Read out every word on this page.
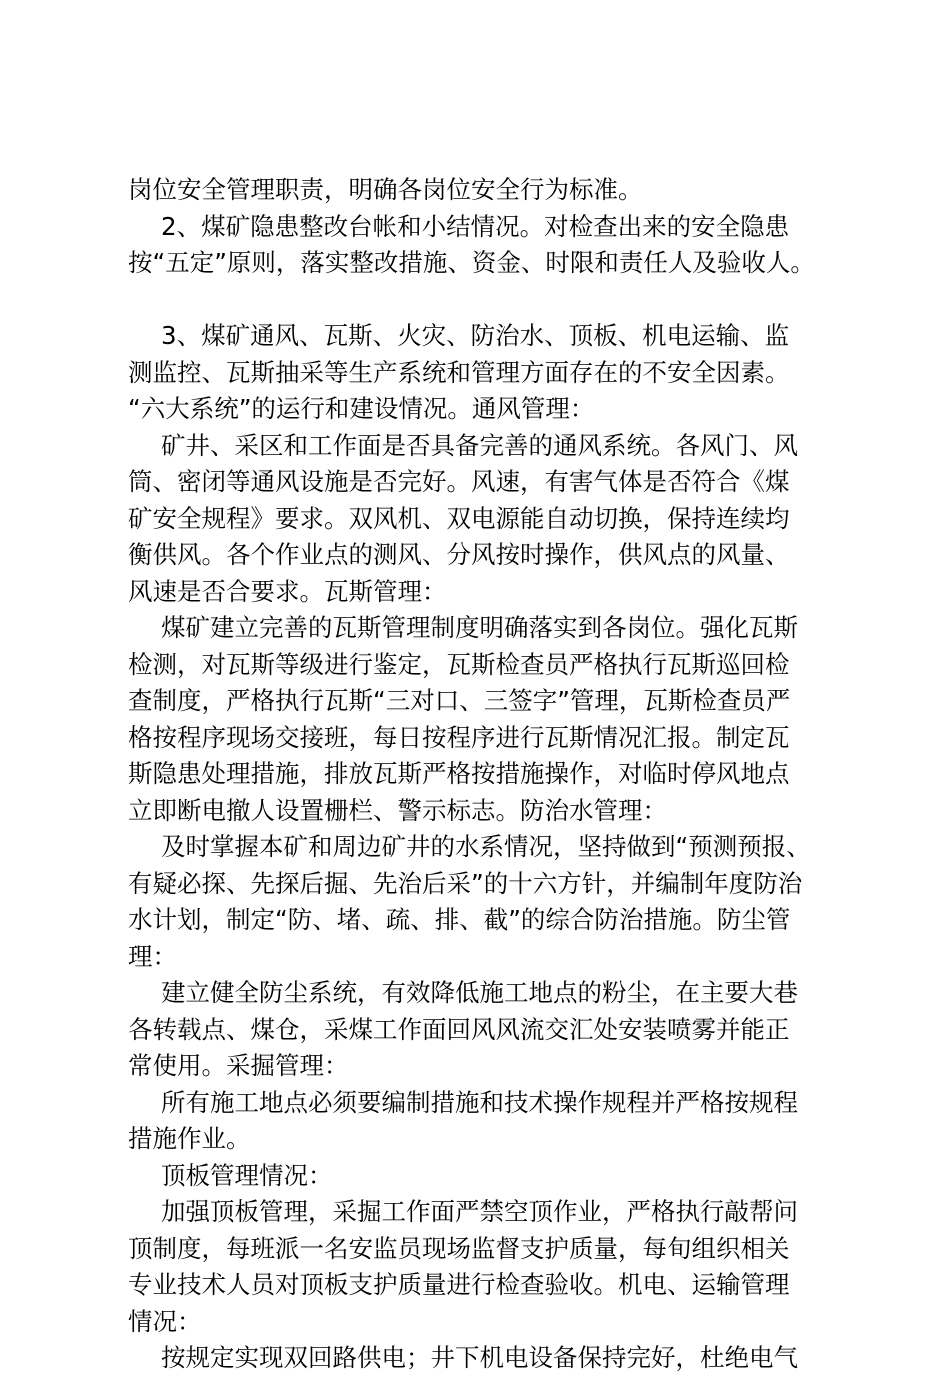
岗位安全管理职责，明确各岗位安全行为标准。
2、煤矿隐患整改台帐和小结情况。对检查出来的安全隐患
按“五定”原则，落实整改措施、资金、时限和责任人及验收人。
3、煤矿通风、瓦斯、火灾、防治水、顶板、机电运输、监
测监控、瓦斯抽采等生产系统和管理方面存在的不安全因素。
“六大系统”的运行和建设情况。通风管理：
矿井、采区和工作面是否具备完善的通风系统。各风门、风
筒、密闭等通风设施是否完好。风速，有害气体是否符合《煤
矿安全规程》要求。双风机、双电源能自动切换，保持连续均
衡供风。各个作业点的测风、分风按时操作，供风点的风量、
风速是否合要求。瓦斯管理：
煤矿建立完善的瓦斯管理制度明确落实到各岗位。强化瓦斯
检测，对瓦斯等级进行鉴定，瓦斯检查员严格执行瓦斯巡回检
查制度，严格执行瓦斯“三对口、三签字”管理，瓦斯检查员严
格按程序现场交接班，每日按程序进行瓦斯情况汇报。制定瓦
斯隐患处理措施，排放瓦斯严格按措施操作，对临时停风地点
立即断电撤人设置栅栏、警示标志。防治水管理：
及时掌握本矿和周边矿井的水系情况，坚持做到“预测预报、
有疑必探、先探后掘、先治后采”的十六方针，并编制年度防治
水计划，制定“防、堵、疏、排、截”的综合防治措施。防尘管
理：
建立健全防尘系统，有效降低施工地点的粉尘，在主要大巷
各转载点、煤仓，采煤工作面回风风流交汇处安装喷雾并能正
常使用。采掘管理：
所有施工地点必须要编制措施和技术操作规程并严格按规程
措施作业。
顶板管理情况：
加强顶板管理，采掘工作面严禁空顶作业，严格执行敲帮问
顶制度，每班派一名安监员现场监督支护质量，每旬组织相关
专业技术人员对顶板支护质量进行检查验收。机电、运输管理
情况：
按规定实现双回路供电；井下机电设备保持完好，杜绝电气
